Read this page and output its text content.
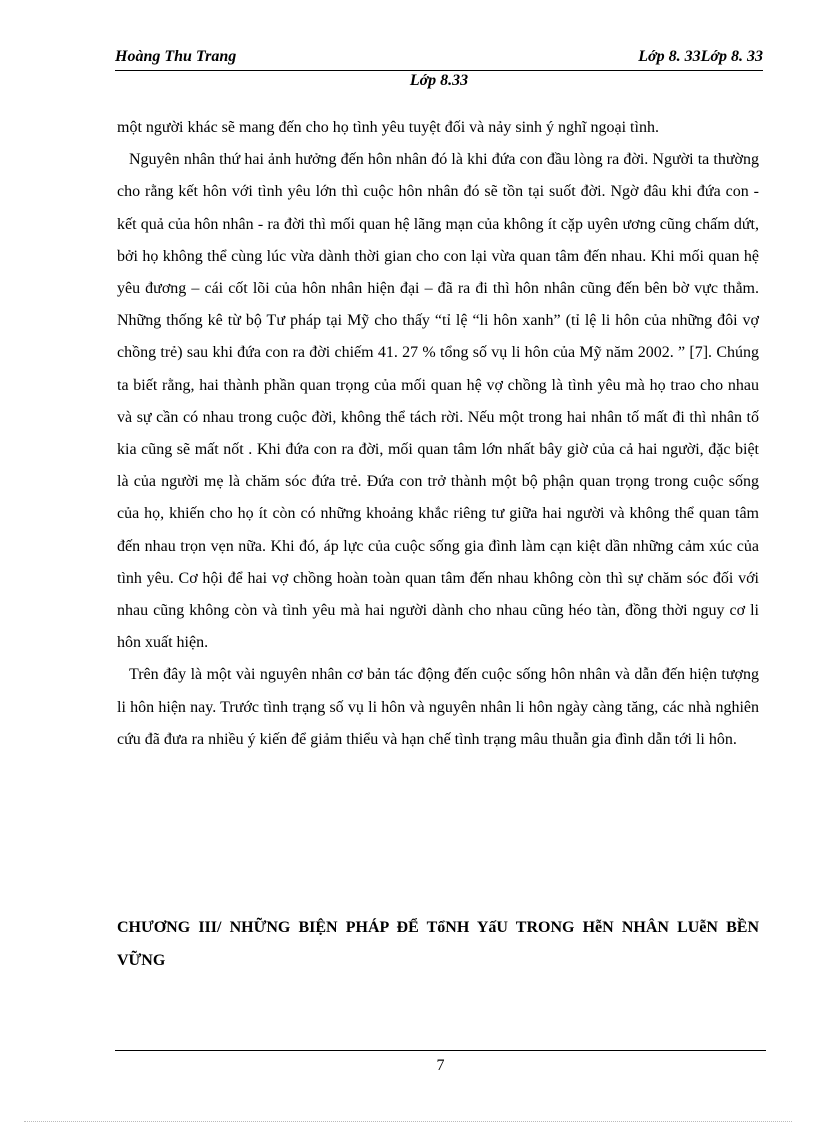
Hoàng Thu Trang	Lớp 8. 33Lớp 8. 33
Lớp 8.33

một người khác sẽ mang đến cho họ tình yêu tuyệt đối và nảy sinh ý nghĩ ngoại tình.

Nguyên nhân thứ hai ảnh hưởng đến hôn nhân đó là khi đứa con đầu lòng ra đời. Người ta thường cho rằng kết hôn với tình yêu lớn thì cuộc hôn nhân đó sẽ tồn tại suốt đời. Ngờ đâu khi đứa con - kết quả của hôn nhân - ra đời thì mối quan hệ lãng mạn của không ít cặp uyên ương cũng chấm dứt, bởi họ không thể cùng lúc vừa dành thời gian cho con lại vừa quan tâm đến nhau. Khi mối quan hệ yêu đương – cái cốt lõi của hôn nhân hiện đại – đã ra đi thì hôn nhân cũng đến bên bờ vực thẳm. Những thống kê từ bộ Tư pháp tại Mỹ cho thấy “tỉ lệ “li hôn xanh” (tỉ lệ li hôn của những đôi vợ chồng trẻ) sau khi đứa con ra đời chiếm 41. 27 % tổng số vụ li hôn của Mỹ năm 2002. ” [7]. Chúng ta biết rằng, hai thành phần quan trọng của mối quan hệ vợ chồng là tình yêu mà họ trao cho nhau và sự cần có nhau trong cuộc đời, không thể tách rời. Nếu một trong hai nhân tố mất đi thì nhân tố kia cũng sẽ mất nốt . Khi đứa con ra đời, mối quan tâm lớn nhất bây giờ của cả hai người, đặc biệt là của người mẹ là chăm sóc đứa trẻ. Đứa con trở thành một bộ phận quan trọng trong cuộc sống của họ, khiến cho họ ít còn có những khoảng khắc riêng tư giữa hai người và không thể quan tâm đến nhau trọn vẹn nữa. Khi đó, áp lực của cuộc sống gia đình làm cạn kiệt dần những cảm xúc của tình yêu. Cơ hội để hai vợ chồng hoàn toàn quan tâm đến nhau không còn thì sự chăm sóc đối với nhau cũng không còn và tình yêu mà hai người dành cho nhau cũng héo tàn, đồng thời nguy cơ li hôn xuất hiện.

Trên đây là một vài nguyên nhân cơ bản tác động đến cuộc sống hôn nhân và dẫn đến hiện tượng li hôn hiện nay. Trước tình trạng số vụ li hôn và nguyên nhân li hôn ngày càng tăng, các nhà nghiên cứu đã đưa ra nhiều ý kiến để giảm thiểu và hạn chế tình trạng mâu thuẫn gia đình dẫn tới li hôn.

CHƯƠNG III/ NHỮNG BIỆN PHÁP ĐỂ TổNH YấU TRONG HễN NHÂN LUễN BỀN VỮNG
7
